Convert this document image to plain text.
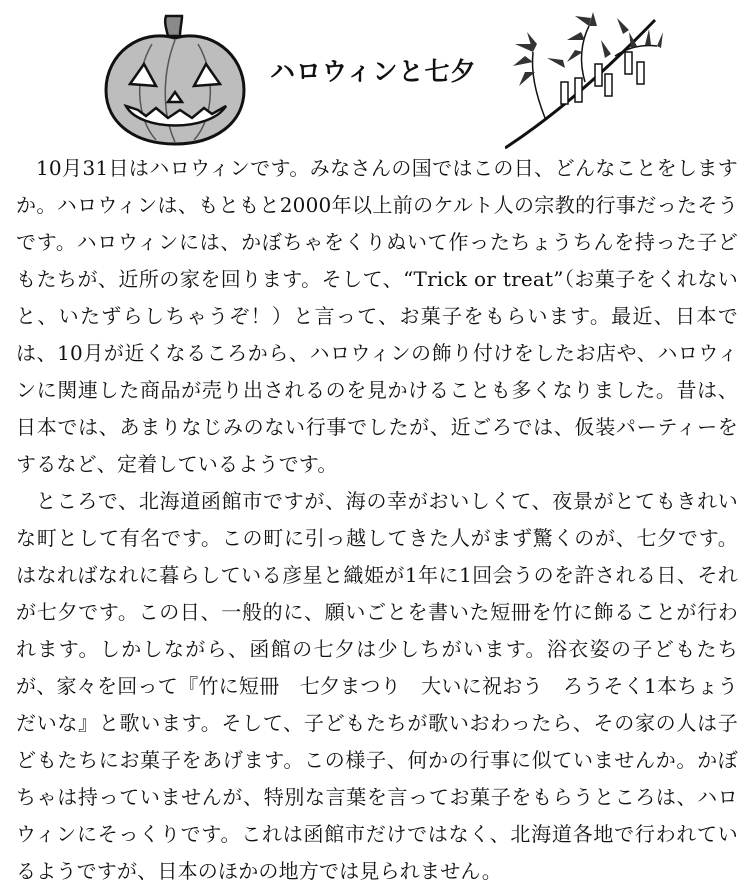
ハロウィンと七夕

10月31日はハロウィンです。みなさんの国ではこの日、どんなことをしますか。ハロウィンは、もともと2000年以上前のケルト人の宗教的行事だったそうです。ハロウィンには、かぼちゃをくりぬいて作ったちょうちんを持った子どもたちが、近所の家を回ります。そして、“Trick or treat”（お菓子をくれないと、いたずらしちゃうぞ！）と言って、お菓子をもらいます。最近、日本では、10月が近くなるころから、ハロウィンの飾り付けをしたお店や、ハロウィンに関連した商品が売り出されるのを見かけることも多くなりました。昔は、日本では、あまりなじみのない行事でしたが、近ごろでは、仮装パーティーをするなど、定着しているようです。

ところで、北海道函館市ですが、海の幸がおいしくて、夜景がとてもきれいな町として有名です。この町に引っ越してきた人がまず驚くのが、七夕です。はなればなれに暮らしている彦星と織姫が1年に1回会うのを許される日、それが七夕です。この日、一般的に、願いごとを書いた短冊を竹に飾ることが行われます。しかしながら、函館の七夕は少しちがいます。浴衣姿の子どもたちが、家々を回って『竹に短冊　七夕まつり　大いに祝おう　ろうそく1本ちょうだいな』と歌います。そして、子どもたちが歌いおわったら、その家の人は子どもたちにお菓子をあげます。この様子、何かの行事に似ていませんか。かぼちゃは持っていませんが、特別な言葉を言ってお菓子をもらうところは、ハロウィンにそっくりです。これは函館市だけではなく、北海道各地で行われているようですが、日本のほかの地方では見られません。
